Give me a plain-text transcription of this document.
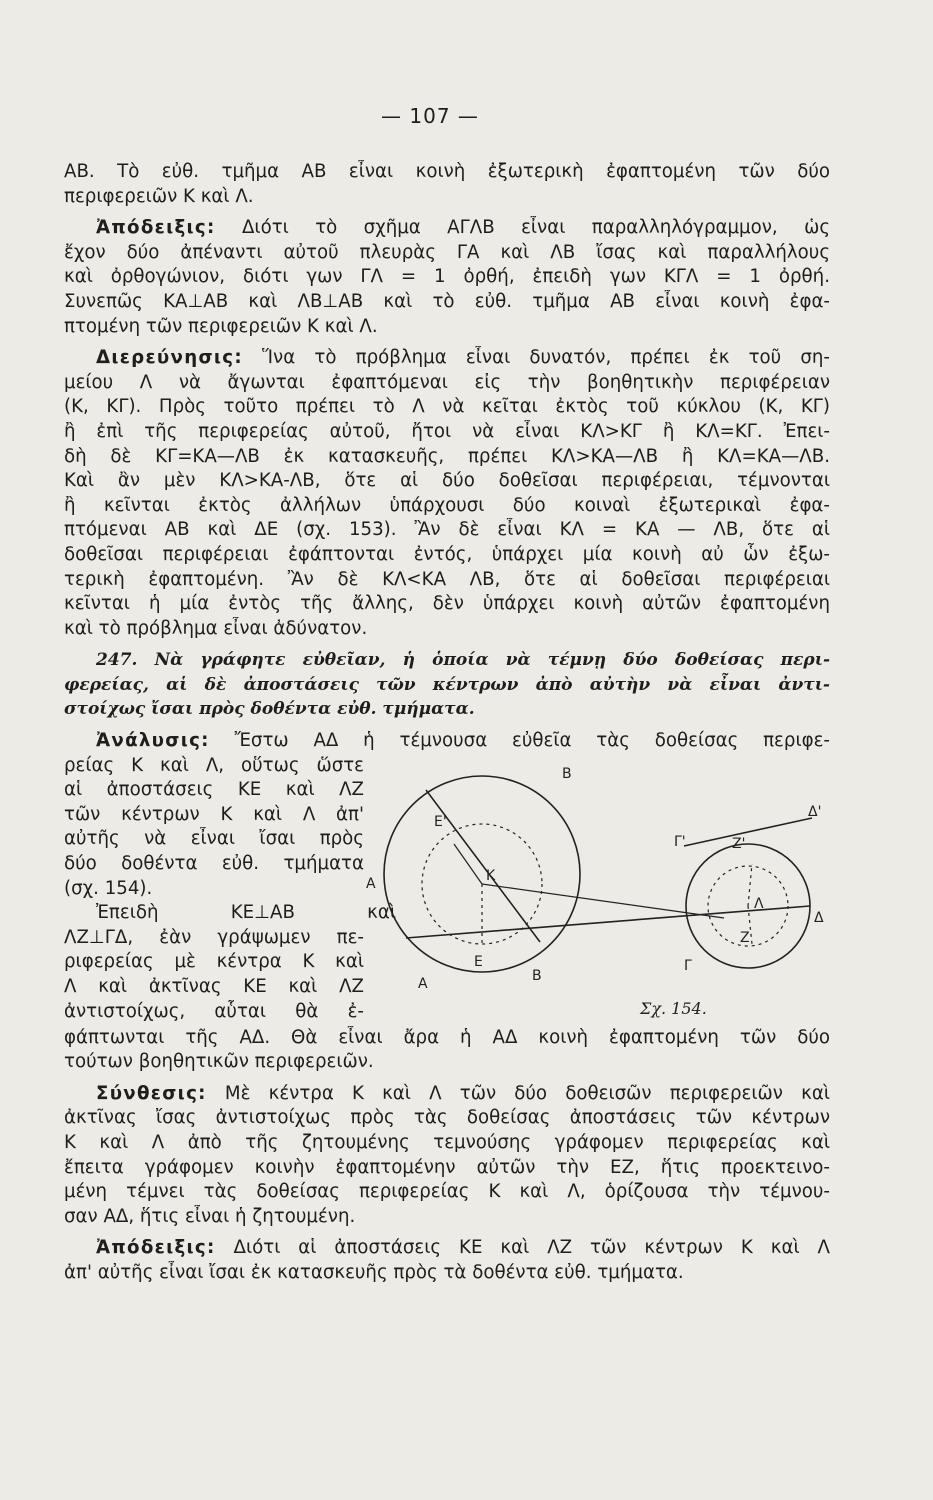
— 107 —
ΑΒ. Τὸ εὐθ. τμῆμα ΑΒ εἶναι κοινὴ ἐξωτερικὴ ἐφαπτομένη τῶν δύο
περιφερειῶν Κ καὶ Λ.
Ἀπόδειξις: Διότι τὸ σχῆμα ΑΓΛΒ εἶναι παραλληλόγραμμον, ὡς
ἔχον δύο ἀπέναντι αὐτοῦ πλευρὰς ΓΑ καὶ ΛΒ ἴσας καὶ παραλλήλους
καὶ ὀρθογώνιον, διότι γων ΓΛ = 1 ὀρθή, ἐπειδὴ γων ΚΓΛ = 1 ὀρθή.
Συνεπῶς ΚΑ⊥ΑΒ καὶ ΛΒ⊥ΑΒ καὶ τὸ εὐθ. τμῆμα ΑΒ εἶναι κοινὴ ἐφα-
πτομένη τῶν περιφερειῶν Κ καὶ Λ.
Διερεύνησις: Ἵνα τὸ πρόβλημα εἶναι δυνατόν, πρέπει ἐκ τοῦ ση-
μείου Λ νὰ ἄγωνται ἐφαπτόμεναι εἰς τὴν βοηθητικὴν περιφέρειαν
(Κ, ΚΓ). Πρὸς τοῦτο πρέπει τὸ Λ νὰ κεῖται ἐκτὸς τοῦ κύκλου (Κ, ΚΓ)
ἢ ἐπὶ τῆς περιφερείας αὐτοῦ, ἤτοι νὰ εἶναι ΚΛ>ΚΓ ἢ ΚΛ=ΚΓ. Ἐπει-
δὴ δὲ ΚΓ=ΚΑ—ΛΒ ἐκ κατασκευῆς, πρέπει ΚΛ>ΚΑ—ΛΒ ἢ ΚΛ=ΚΑ—ΛΒ.
Καὶ ἂν μὲν ΚΛ>ΚΑ-ΛΒ, ὅτε αἱ δύο δοθεῖσαι περιφέρειαι, τέμνονται
ἢ κεῖνται ἐκτὸς ἀλλήλων ὑπάρχουσι δύο κοιναὶ ἐξωτερικαὶ ἐφα-
πτόμεναι ΑΒ καὶ ΔΕ (σχ. 153). Ἂν δὲ εἶναι ΚΛ = ΚΑ — ΛΒ, ὅτε αἱ
δοθεῖσαι περιφέρειαι ἐφάπτονται ἐντός, ὑπάρχει μία κοινὴ αὐ ὧν ἐξω-
τερικὴ ἐφαπτομένη. Ἂν δὲ ΚΛ<ΚΑ ΛΒ, ὅτε αἱ δοθεῖσαι περιφέρειαι
κεῖνται ἡ μία ἐντὸς τῆς ἄλλης, δὲν ὑπάρχει κοινὴ αὐτῶν ἐφαπτομένη
καὶ τὸ πρόβλημα εἶναι ἀδύνατον.
247. Νὰ γράφητε εὐθεῖαν, ἡ ὁποία νὰ τέμνῃ δύο δοθείσας περι-
φερείας, αἱ δὲ ἀποστάσεις τῶν κέντρων ἀπὸ αὐτὴν νὰ εἶναι ἀντι-
στοίχως ἴσαι πρὸς δοθέντα εὐθ. τμήματα.
Ἀνάλυσις: Ἔστω ΑΔ ἡ τέμνουσα εὐθεῖα τὰς δοθείσας περιφε-
ρείας Κ καὶ Λ, οὕτως ὥστε
αἱ ἀποστάσεις ΚΕ καὶ ΛΖ
τῶν κέντρων Κ καὶ Λ ἀπ'
αὐτῆς νὰ εἶναι ἴσαι πρὸς
δύο δοθέντα εὐθ. τμήματα
(σχ. 154).
Ἐπειδὴ ΚΕ⊥ΑΒ καὶ
ΛΖ⊥ΓΔ, ἐὰν γράψωμεν πε-
ριφερείας μὲ κέντρα Κ καὶ
Λ καὶ ἀκτῖνας ΚΕ καὶ ΛΖ
ἀντιστοίχως, αὗται θὰ ἐ-
Β
Ε'
Κ
Α
Α
Ε
Β
Γ'	Ζ'
Δ'
Λ
Ζ
Γ
Δ
Σχ. 154.
φάπτωνται τῆς ΑΔ. Θὰ εἶναι ἄρα ἡ ΑΔ κοινὴ ἐφαπτομένη τῶν δύο
τούτων βοηθητικῶν περιφερειῶν.
Σύνθεσις: Μὲ κέντρα Κ καὶ Λ τῶν δύο δοθεισῶν περιφερειῶν καὶ
ἀκτῖνας ἴσας ἀντιστοίχως πρὸς τὰς δοθείσας ἀποστάσεις τῶν κέντρων
Κ καὶ Λ ἀπὸ τῆς ζητουμένης τεμνούσης γράφομεν περιφερείας καὶ
ἔπειτα γράφομεν κοινὴν ἐφαπτομένην αὐτῶν τὴν ΕΖ, ἥτις προεκτεινο-
μένη τέμνει τὰς δοθείσας περιφερείας Κ καὶ Λ, ὁρίζουσα τὴν τέμνου-
σαν ΑΔ, ἥτις εἶναι ἡ ζητουμένη.
Ἀπόδειξις: Διότι αἱ ἀποστάσεις ΚΕ καὶ ΛΖ τῶν κέντρων Κ καὶ Λ
ἀπ' αὐτῆς εἶναι ἴσαι ἐκ κατασκευῆς πρὸς τὰ δοθέντα εὐθ. τμήματα.
